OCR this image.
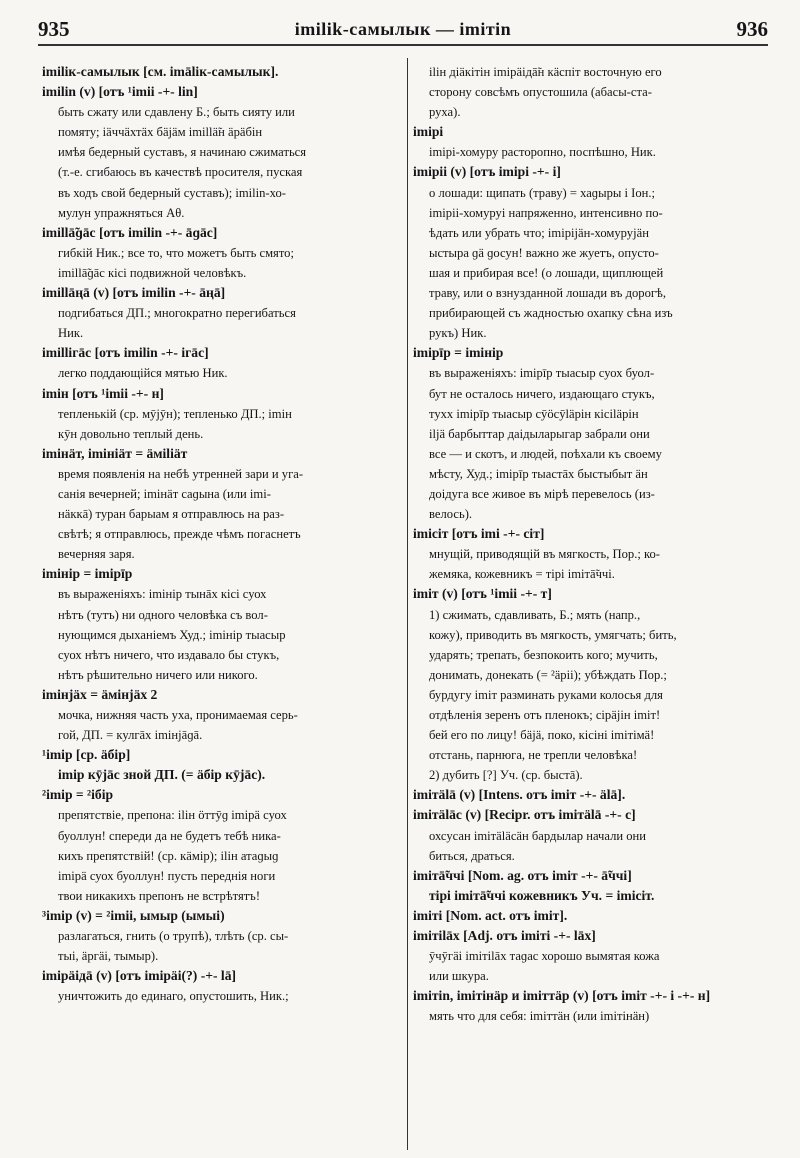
935	imilik-самылык — imiтin	936
imiliк-самылык [см. imāliк-самылык].
imilin (v) [отъ ¹imii -+- lin]
быть сжату или сдавлену Б.; быть сияту или
помяту; iäччäхтäх бäjäм imillä̃н äрäбiн
имѣя бедерный суставъ, я начинаю сжиматься
(т.-е. сгибаюсь въ качествѣ просителя, пуская
въ ходъ свой бедерный суставъ); imilin-хо-
мулун упражняться Аθ.
imillā̃ɡāс [отъ imilin -+- āɡāс]
гибкiй Ник.; все то, что можетъ быть смято;
imillā̃ɡāс кiсi подвижной человѣкъ.
imillāңā (v) [отъ imilin -+- āңā]
подгибаться ДП.; многократно перегибаться
Ник.
imilliгāс [отъ imilin -+- iгāс]
легко поддающiйся мятью Ник.
imiн [отъ ¹imii -+- н]
тепленькiй (ср. мӯjӯн); тепленько ДП.; imiн
кӯн довольно теплый день.
imiнäт, imiнiäт = äмiliäт
время появленiя на небѣ утренней зари и уга-
санiя вечерней; imiнäт сaɡына (или imi-
нäккā) туран барыам я отправлюсь на раз-
свѣтѣ; я отправлюсь, прежде чѣмъ погаснетъ
вечерняя заря.
imiнip = imipīp
въ выраженiяхъ: imiнip тынāх кiсi суох
нѣтъ (тутъ) ни одного человѣка съ вол-
нующимся дыханiемъ Худ.; imiнip тыасыр
суох нѣтъ ничего, что издавало бы стукъ,
нѣтъ рѣшительно ничего или никого.
imiнjäx = äмiнjäx 2
мочка, нижняя часть уха, пронимаемая серь-
гой, ДП. = кулгāх imiнjāɡā.
¹imip [ср. äбip]
imip кӯjāс зной ДП. (= äбip кӯjāс).
²imip = ²iбip
препятствiе, препона: iliн öттӯɡ imipä суох
буоллун! спереди да не будетъ тебѣ ника-
кихъ препятствiй! (ср. кäмip); iliн атаɡыɡ
imipä суох буоллун! пусть переднiя ноги
твои никакихъ препонъ не встрѣтятъ!
³imip (v) = ²imii, ымыр (ымыi)
разлагаться, гнить (о трупѣ), тлѣть (ср. сы-
тыi, äргäi, тымыр).
imipäiдā (v) [отъ imipäi(?) -+- lā]
уничтожить до единаго, опустошить, Ник.;
iliн дiäкiтiн imipäiдā̃н кäспiт восточную его
сторону совсѣмъ опустошила (абасы-ста-
руха).
imipi
imipi-хомуру расторопно, поспѣшно, Ник.
imipii (v) [отъ imipi -+- i]
о лошади: щипать (траву) = хаɡыры i Іон.;
imipii-хомуруi напряженно, интенсивно по-
ѣдать или убрать что; imipijäн-хомуруjäн
ыстыра ɡä ɡосун! важно же жуетъ, опусто-
шая и прибирая все! (о лошади, щиплющей
траву, или о взнузданной лошади въ дорогѣ,
прибирающей съ жадностью охапку сѣна изъ
рукъ) Ник.
imipīp = imiнip
въ выраженiяхъ: imipīp тыасыр суох буол-
бут не осталось ничего, издающаго стукъ,
тухх imipīp тыасыр сӯöсӯläpiн кiсiläpiн
iljä барбыттар даiдыларыгар забрали они
все — и скотъ, и людей, поѣхали къ своему
мѣсту, Худ.; imipīp тыастāх быстыбыт äн
доiдуга все живое въ мiрѣ перевелось (из-
велось).
imiciт [отъ imi -+- ciт]
мнущiй, приводящiй въ мягкость, Пор.; ко-
жемяка, кожевникъ = тiрi imiтā̃ччi.
imiт (v) [отъ ¹imii -+- т]
1) сжимать, сдавливать, Б.; мять (напр.,
кожу), приводить въ мягкость, умягчать; бить,
ударять; трепать, безпокоить кого; мучить,
донимать, донекать (= ²äpii); убѣждать Пор.;
бурдугу imiт разминать руками колосья для
отдѣленiя зеренъ отъ пленокъ; ciрäjiн imiт!
бей его по лицу! бäjä, поко, кiсiнi imiтiмä!
отстань, парнюга, не трепли человѣка!
2) дубить [?] Уч. (ср. быстā).
imiтälā (v) [Intens. отъ imiт -+- älā].
imiтälāc (v) [Recipr. отъ imiтälā -+- c]
охсусан imiтäläcäн бардылар начали они
биться, драться.
imiтā̃ччi [Nom. ag. отъ imiт -+- ā̃ччi]
тiрi imiтā̃ччi кожевникъ Уч. = imiciт.
imiтi [Nom. act. отъ imiт].
imiтilāx [Adj. отъ imiтi -+- lāx]
ӯчӯгäi imiтilāx таɡас хорошо вымятая кожа
или шкура.
imiтin, imiтiнäр и imiттäр (v) [отъ imiт -+- i -+- н]
мять что для себя: imiттäн (или imiтiнäн)
